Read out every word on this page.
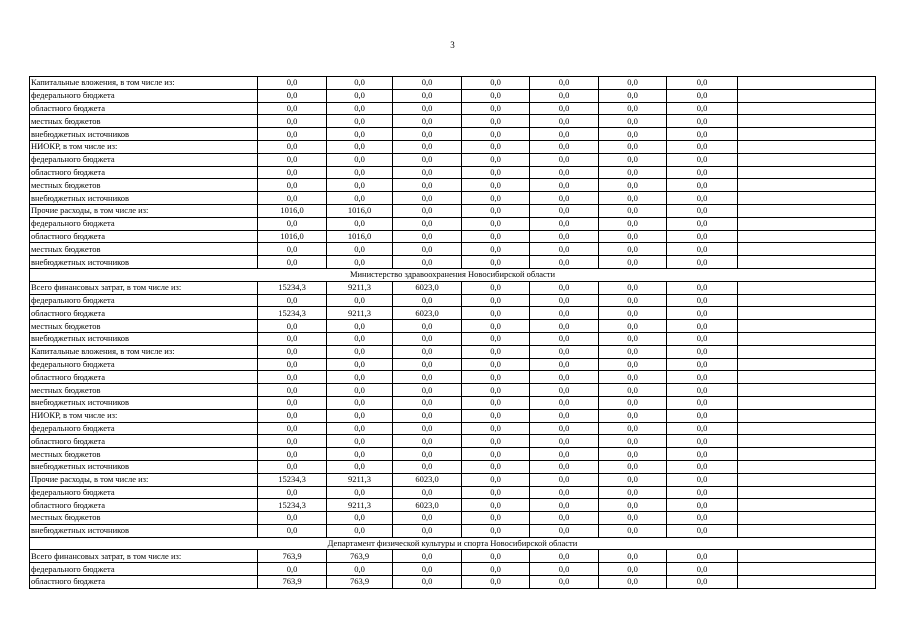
3
Капитальные вложения, в том числе из:	0,0	0,0	0,0	0,0	0,0	0,0	0,0	
федерального бюджета	0,0	0,0	0,0	0,0	0,0	0,0	0,0	
областного бюджета	0,0	0,0	0,0	0,0	0,0	0,0	0,0	
местных бюджетов	0,0	0,0	0,0	0,0	0,0	0,0	0,0	
внебюджетных источников	0,0	0,0	0,0	0,0	0,0	0,0	0,0	
НИОКР, в том числе из:	0,0	0,0	0,0	0,0	0,0	0,0	0,0	
федерального бюджета	0,0	0,0	0,0	0,0	0,0	0,0	0,0	
областного бюджета	0,0	0,0	0,0	0,0	0,0	0,0	0,0	
местных бюджетов	0,0	0,0	0,0	0,0	0,0	0,0	0,0	
внебюджетных источников	0,0	0,0	0,0	0,0	0,0	0,0	0,0	
Прочие расходы, в том числе из:	1016,0	1016,0	0,0	0,0	0,0	0,0	0,0	
федерального бюджета	0,0	0,0	0,0	0,0	0,0	0,0	0,0	
областного бюджета	1016,0	1016,0	0,0	0,0	0,0	0,0	0,0	
местных бюджетов	0,0	0,0	0,0	0,0	0,0	0,0	0,0	
внебюджетных источников	0,0	0,0	0,0	0,0	0,0	0,0	0,0	
Министерство здравоохранения Новосибирской области								
Всего финансовых затрат, в том числе из:	15234,3	9211,3	6023,0	0,0	0,0	0,0	0,0	
федерального бюджета	0,0	0,0	0,0	0,0	0,0	0,0	0,0	
областного бюджета	15234,3	9211,3	6023,0	0,0	0,0	0,0	0,0	
местных бюджетов	0,0	0,0	0,0	0,0	0,0	0,0	0,0	
внебюджетных источников	0,0	0,0	0,0	0,0	0,0	0,0	0,0	
Капитальные вложения, в том числе из:	0,0	0,0	0,0	0,0	0,0	0,0	0,0	
федерального бюджета	0,0	0,0	0,0	0,0	0,0	0,0	0,0	
областного бюджета	0,0	0,0	0,0	0,0	0,0	0,0	0,0	
местных бюджетов	0,0	0,0	0,0	0,0	0,0	0,0	0,0	
внебюджетных источников	0,0	0,0	0,0	0,0	0,0	0,0	0,0	
НИОКР, в том числе из:	0,0	0,0	0,0	0,0	0,0	0,0	0,0	
федерального бюджета	0,0	0,0	0,0	0,0	0,0	0,0	0,0	
областного бюджета	0,0	0,0	0,0	0,0	0,0	0,0	0,0	
местных бюджетов	0,0	0,0	0,0	0,0	0,0	0,0	0,0	
внебюджетных источников	0,0	0,0	0,0	0,0	0,0	0,0	0,0	
Прочие расходы, в том числе из:	15234,3	9211,3	6023,0	0,0	0,0	0,0	0,0	
федерального бюджета	0,0	0,0	0,0	0,0	0,0	0,0	0,0	
областного бюджета	15234,3	9211,3	6023,0	0,0	0,0	0,0	0,0	
местных бюджетов	0,0	0,0	0,0	0,0	0,0	0,0	0,0	
внебюджетных источников	0,0	0,0	0,0	0,0	0,0	0,0	0,0	
Департамент физической культуры и спорта Новосибирской области								
Всего финансовых затрат, в том числе из:	763,9	763,9	0,0	0,0	0,0	0,0	0,0	
федерального бюджета	0,0	0,0	0,0	0,0	0,0	0,0	0,0	
областного бюджета	763,9	763,9	0,0	0,0	0,0	0,0	0,0	
